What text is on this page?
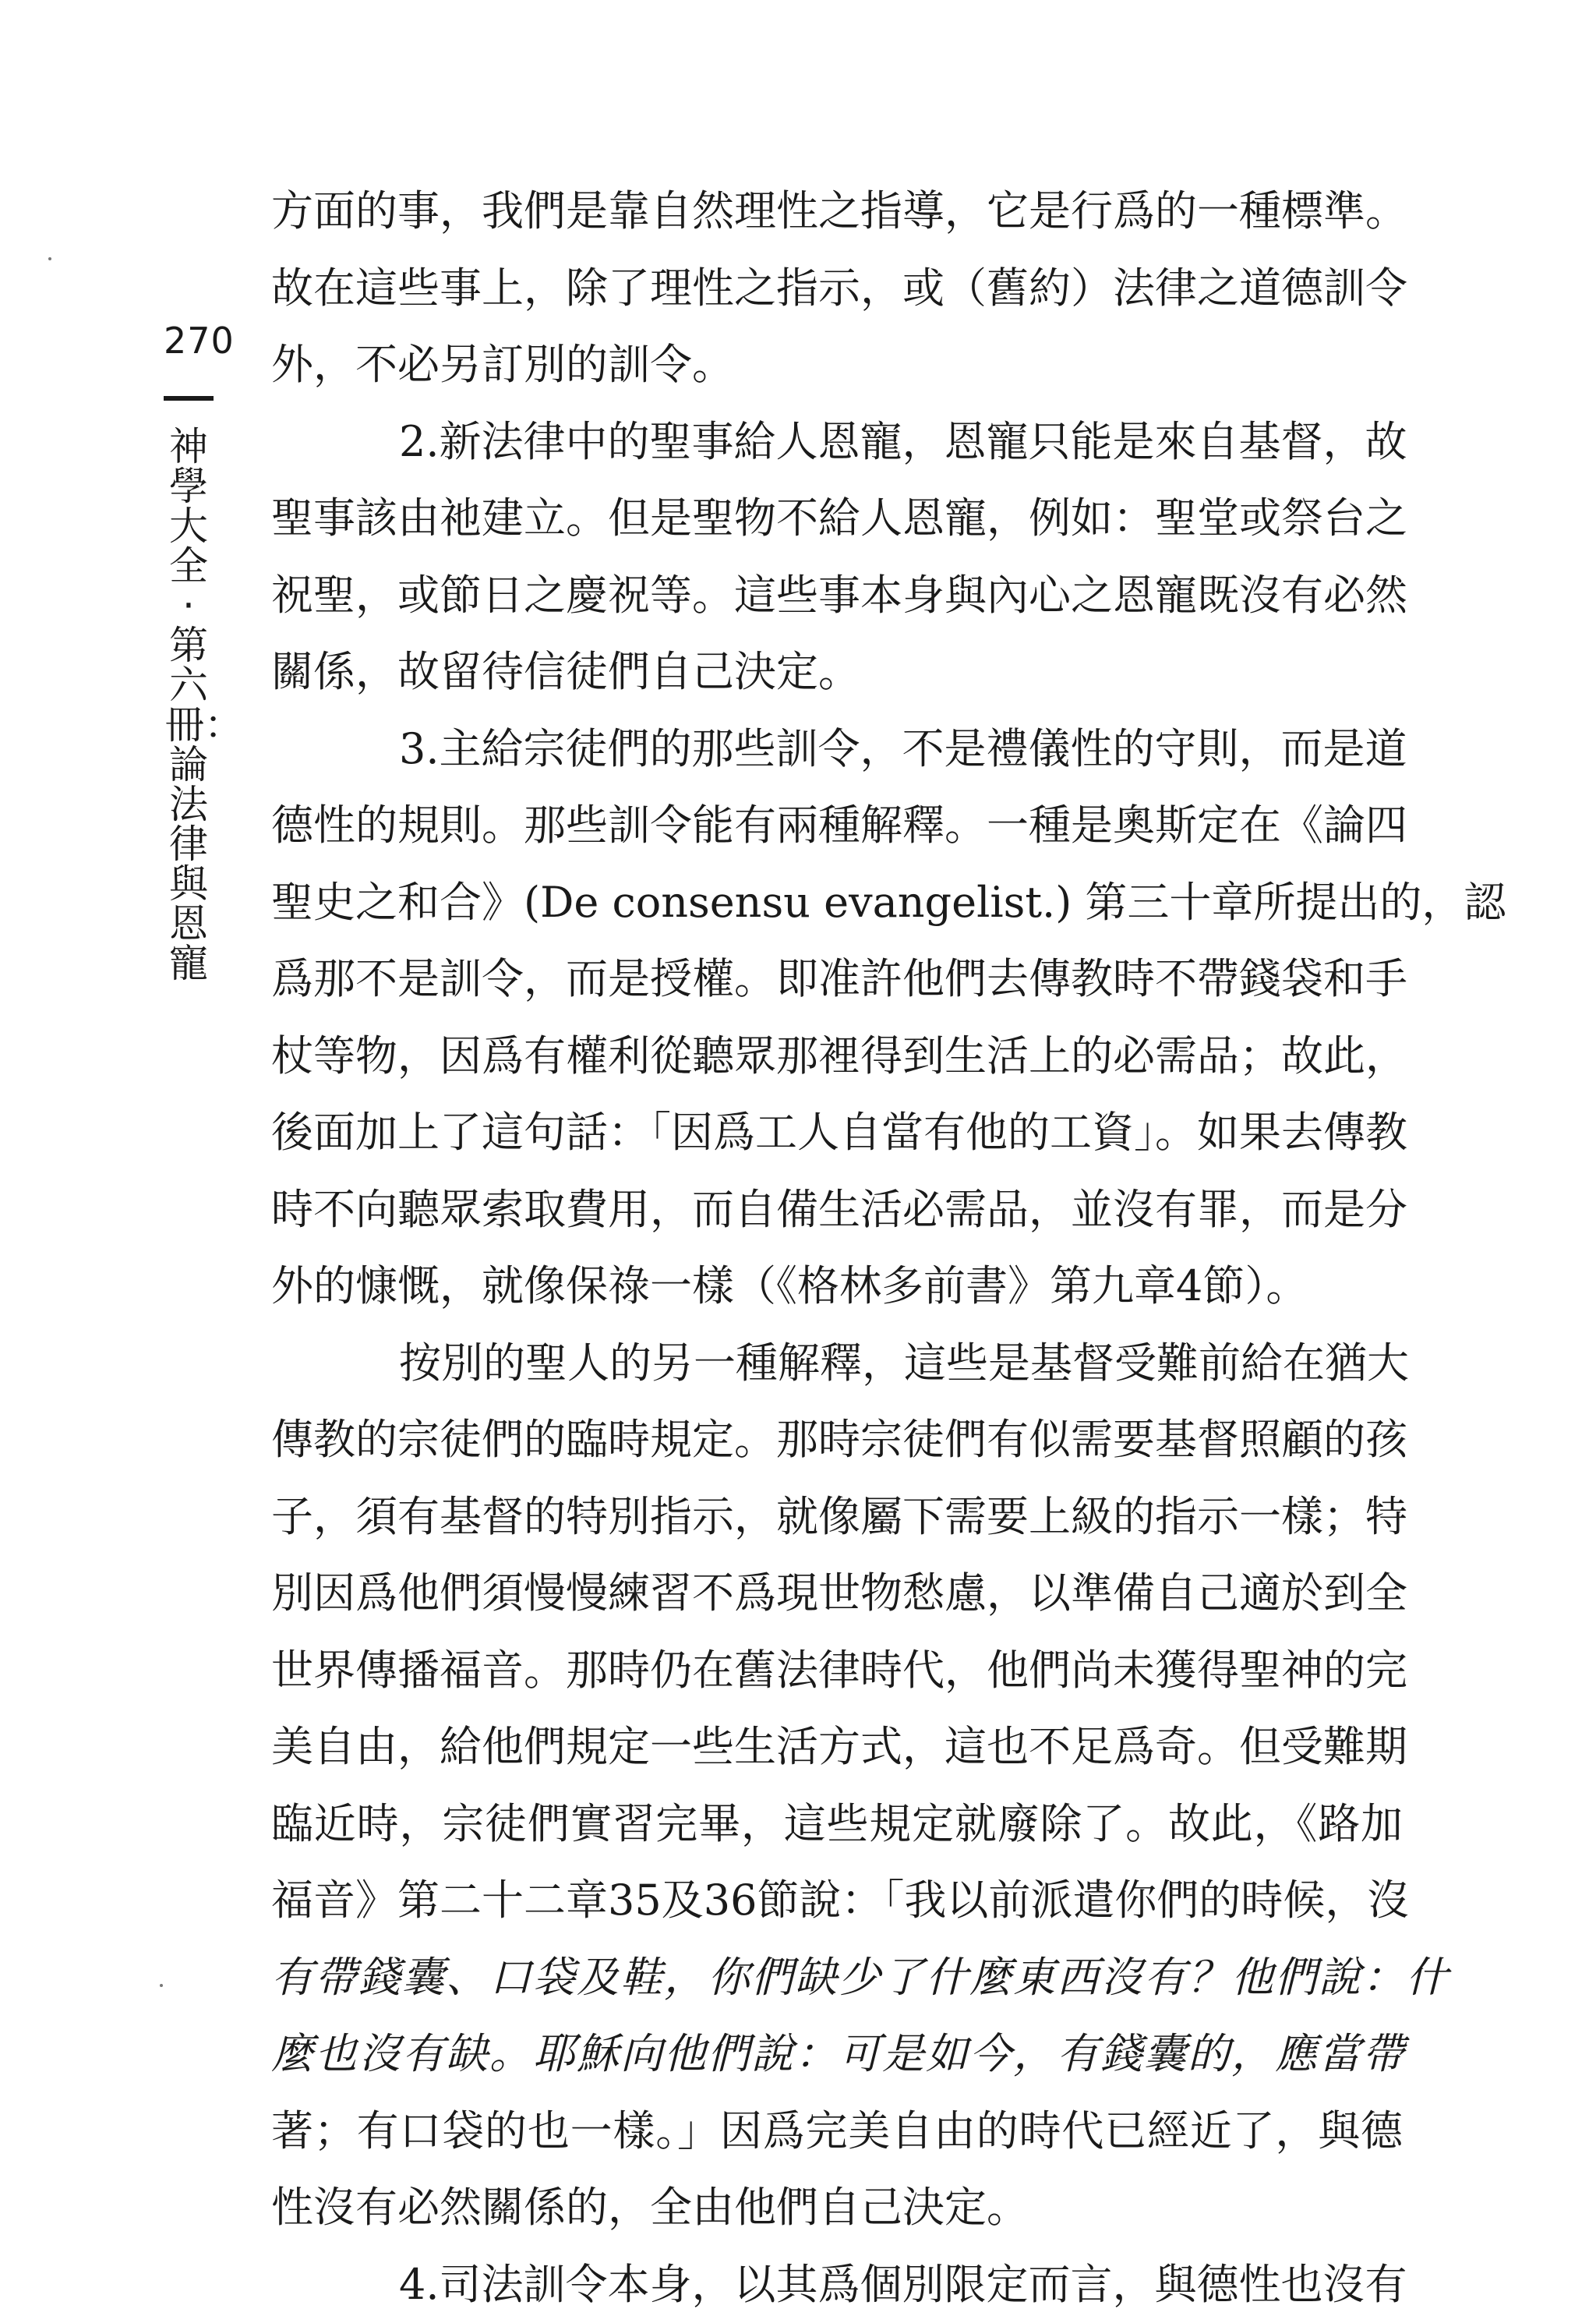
270
神學大全·第六冊：論法律與恩寵
方面的事，我們是靠自然理性之指導，它是行爲的一種標準。
故在這些事上，除了理性之指示，或（舊約）法律之道德訓令
外，不必另訂別的訓令。
2.新法律中的聖事給人恩寵，恩寵只能是來自基督，故
聖事該由祂建立。但是聖物不給人恩寵，例如：聖堂或祭台之
祝聖，或節日之慶祝等。這些事本身與內心之恩寵既沒有必然
關係，故留待信徒們自己決定。
3.主給宗徒們的那些訓令，不是禮儀性的守則，而是道
德性的規則。那些訓令能有兩種解釋。一種是奧斯定在《論四
聖史之和合》(De consensu evangelist.) 第三十章所提出的，認
爲那不是訓令，而是授權。即准許他們去傳教時不帶錢袋和手
杖等物，因爲有權利從聽眾那裡得到生活上的必需品；故此，
後面加上了這句話：「因爲工人自當有他的工資」。如果去傳教
時不向聽眾索取費用，而自備生活必需品，並沒有罪，而是分
外的慷慨，就像保祿一樣（《格林多前書》第九章4節）。
按別的聖人的另一種解釋，這些是基督受難前給在猶大
傳教的宗徒們的臨時規定。那時宗徒們有似需要基督照顧的孩
子，須有基督的特別指示，就像屬下需要上級的指示一樣；特
別因爲他們須慢慢練習不爲現世物愁慮，以準備自己適於到全
世界傳播福音。那時仍在舊法律時代，他們尚未獲得聖神的完
美自由，給他們規定一些生活方式，這也不足爲奇。但受難期
臨近時，宗徒們實習完畢，這些規定就廢除了。故此，《路加
福音》第二十二章35及36節說：「我以前派遣你們的時候，沒
有帶錢囊、口袋及鞋，你們缺少了什麼東西沒有？他們說：什
麼也沒有缺。耶穌向他們說：可是如今，有錢囊的，應當帶
著；有口袋的也一樣。」因爲完美自由的時代已經近了，與德
性沒有必然關係的，全由他們自己決定。
4.司法訓令本身，以其爲個別限定而言，與德性也沒有
